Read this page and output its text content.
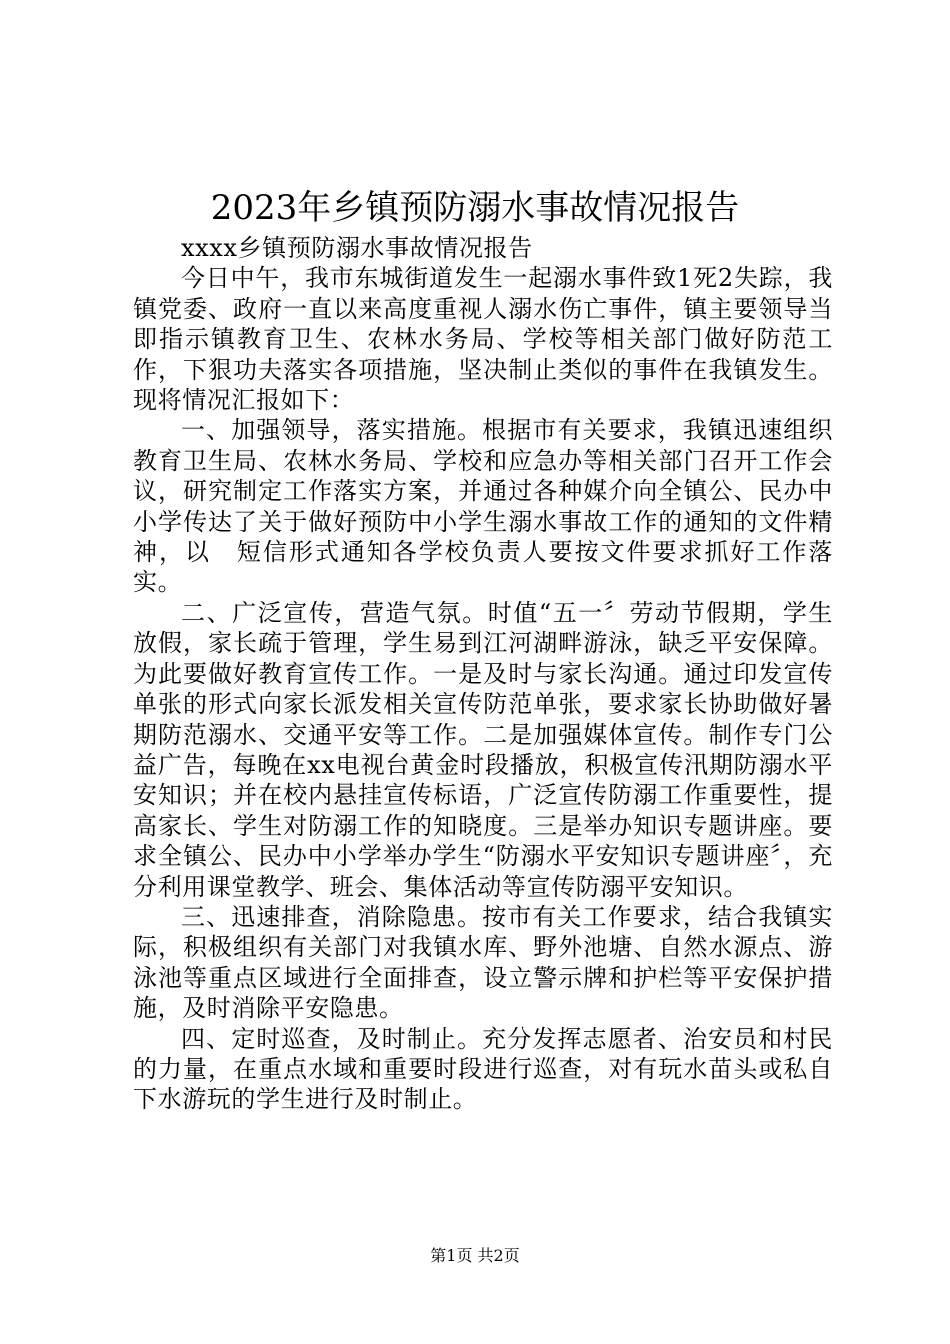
2023年乡镇预防溺水事故情况报告

xxxx乡镇预防溺水事故情况报告

今日中午，我市东城街道发生一起溺水事件致1死2失踪，我镇党委、政府一直以来高度重视人溺水伤亡事件，镇主要领导当即指示镇教育卫生、农林水务局、学校等相关部门做好防范工作，下狠功夫落实各项措施，坚决制止类似的事件在我镇发生。现将情况汇报如下：

一、加强领导，落实措施。根据市有关要求，我镇迅速组织教育卫生局、农林水务局、学校和应急办等相关部门召开工作会议，研究制定工作落实方案，并通过各种媒介向全镇公、民办中小学传达了关于做好预防中小学生溺水事故工作的通知的文件精神，以　短信形式通知各学校负责人要按文件要求抓好工作落实。

二、广泛宣传，营造气氛。时值“五一〞劳动节假期，学生放假，家长疏于管理，学生易到江河湖畔游泳，缺乏平安保障。为此要做好教育宣传工作。一是及时与家长沟通。通过印发宣传单张的形式向家长派发相关宣传防范单张，要求家长协助做好暑期防范溺水、交通平安等工作。二是加强媒体宣传。制作专门公益广告，每晚在xx电视台黄金时段播放，积极宣传汛期防溺水平安知识；并在校内悬挂宣传标语，广泛宣传防溺工作重要性，提高家长、学生对防溺工作的知晓度。三是举办知识专题讲座。要求全镇公、民办中小学举办学生“防溺水平安知识专题讲座〞，充分利用课堂教学、班会、集体活动等宣传防溺平安知识。

三、迅速排查，消除隐患。按市有关工作要求，结合我镇实际，积极组织有关部门对我镇水库、野外池塘、自然水源点、游泳池等重点区域进行全面排查，设立警示牌和护栏等平安保护措施，及时消除平安隐患。

四、定时巡查，及时制止。充分发挥志愿者、治安员和村民的力量，在重点水域和重要时段进行巡查，对有玩水苗头或私自下水游玩的学生进行及时制止。

第1页 共2页
